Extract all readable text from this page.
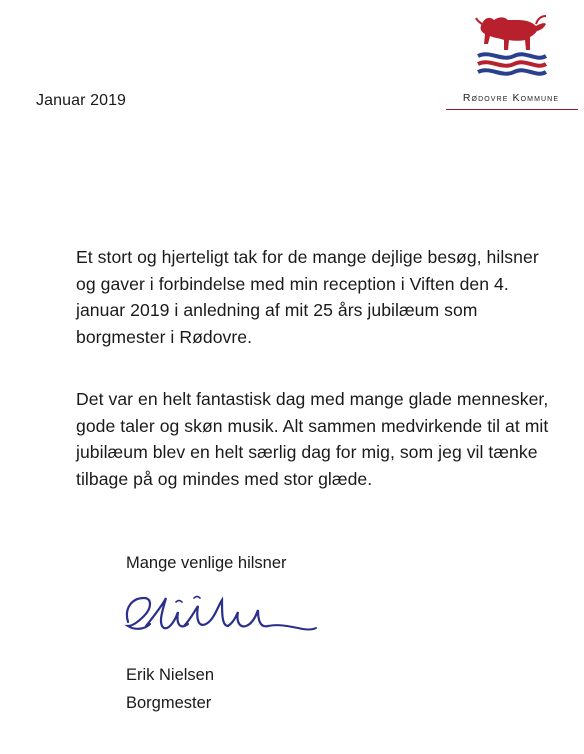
Januar 2019	Rødovre Kommune
Et stort og hjerteligt tak for de mange dejlige besøg, hilsner og gaver i forbindelse med min reception i Viften den 4. januar 2019 i anledning af mit 25 års jubilæum som borgmester i Rødovre.
Det var en helt fantastisk dag med mange glade mennesker, gode taler og skøn musik. Alt sammen medvirkende til at mit jubilæum blev en helt særlig dag for mig, som jeg vil tænke tilbage på og mindes med stor glæde.
Mange venlige hilsner
Erik Nielsen
Borgmester
